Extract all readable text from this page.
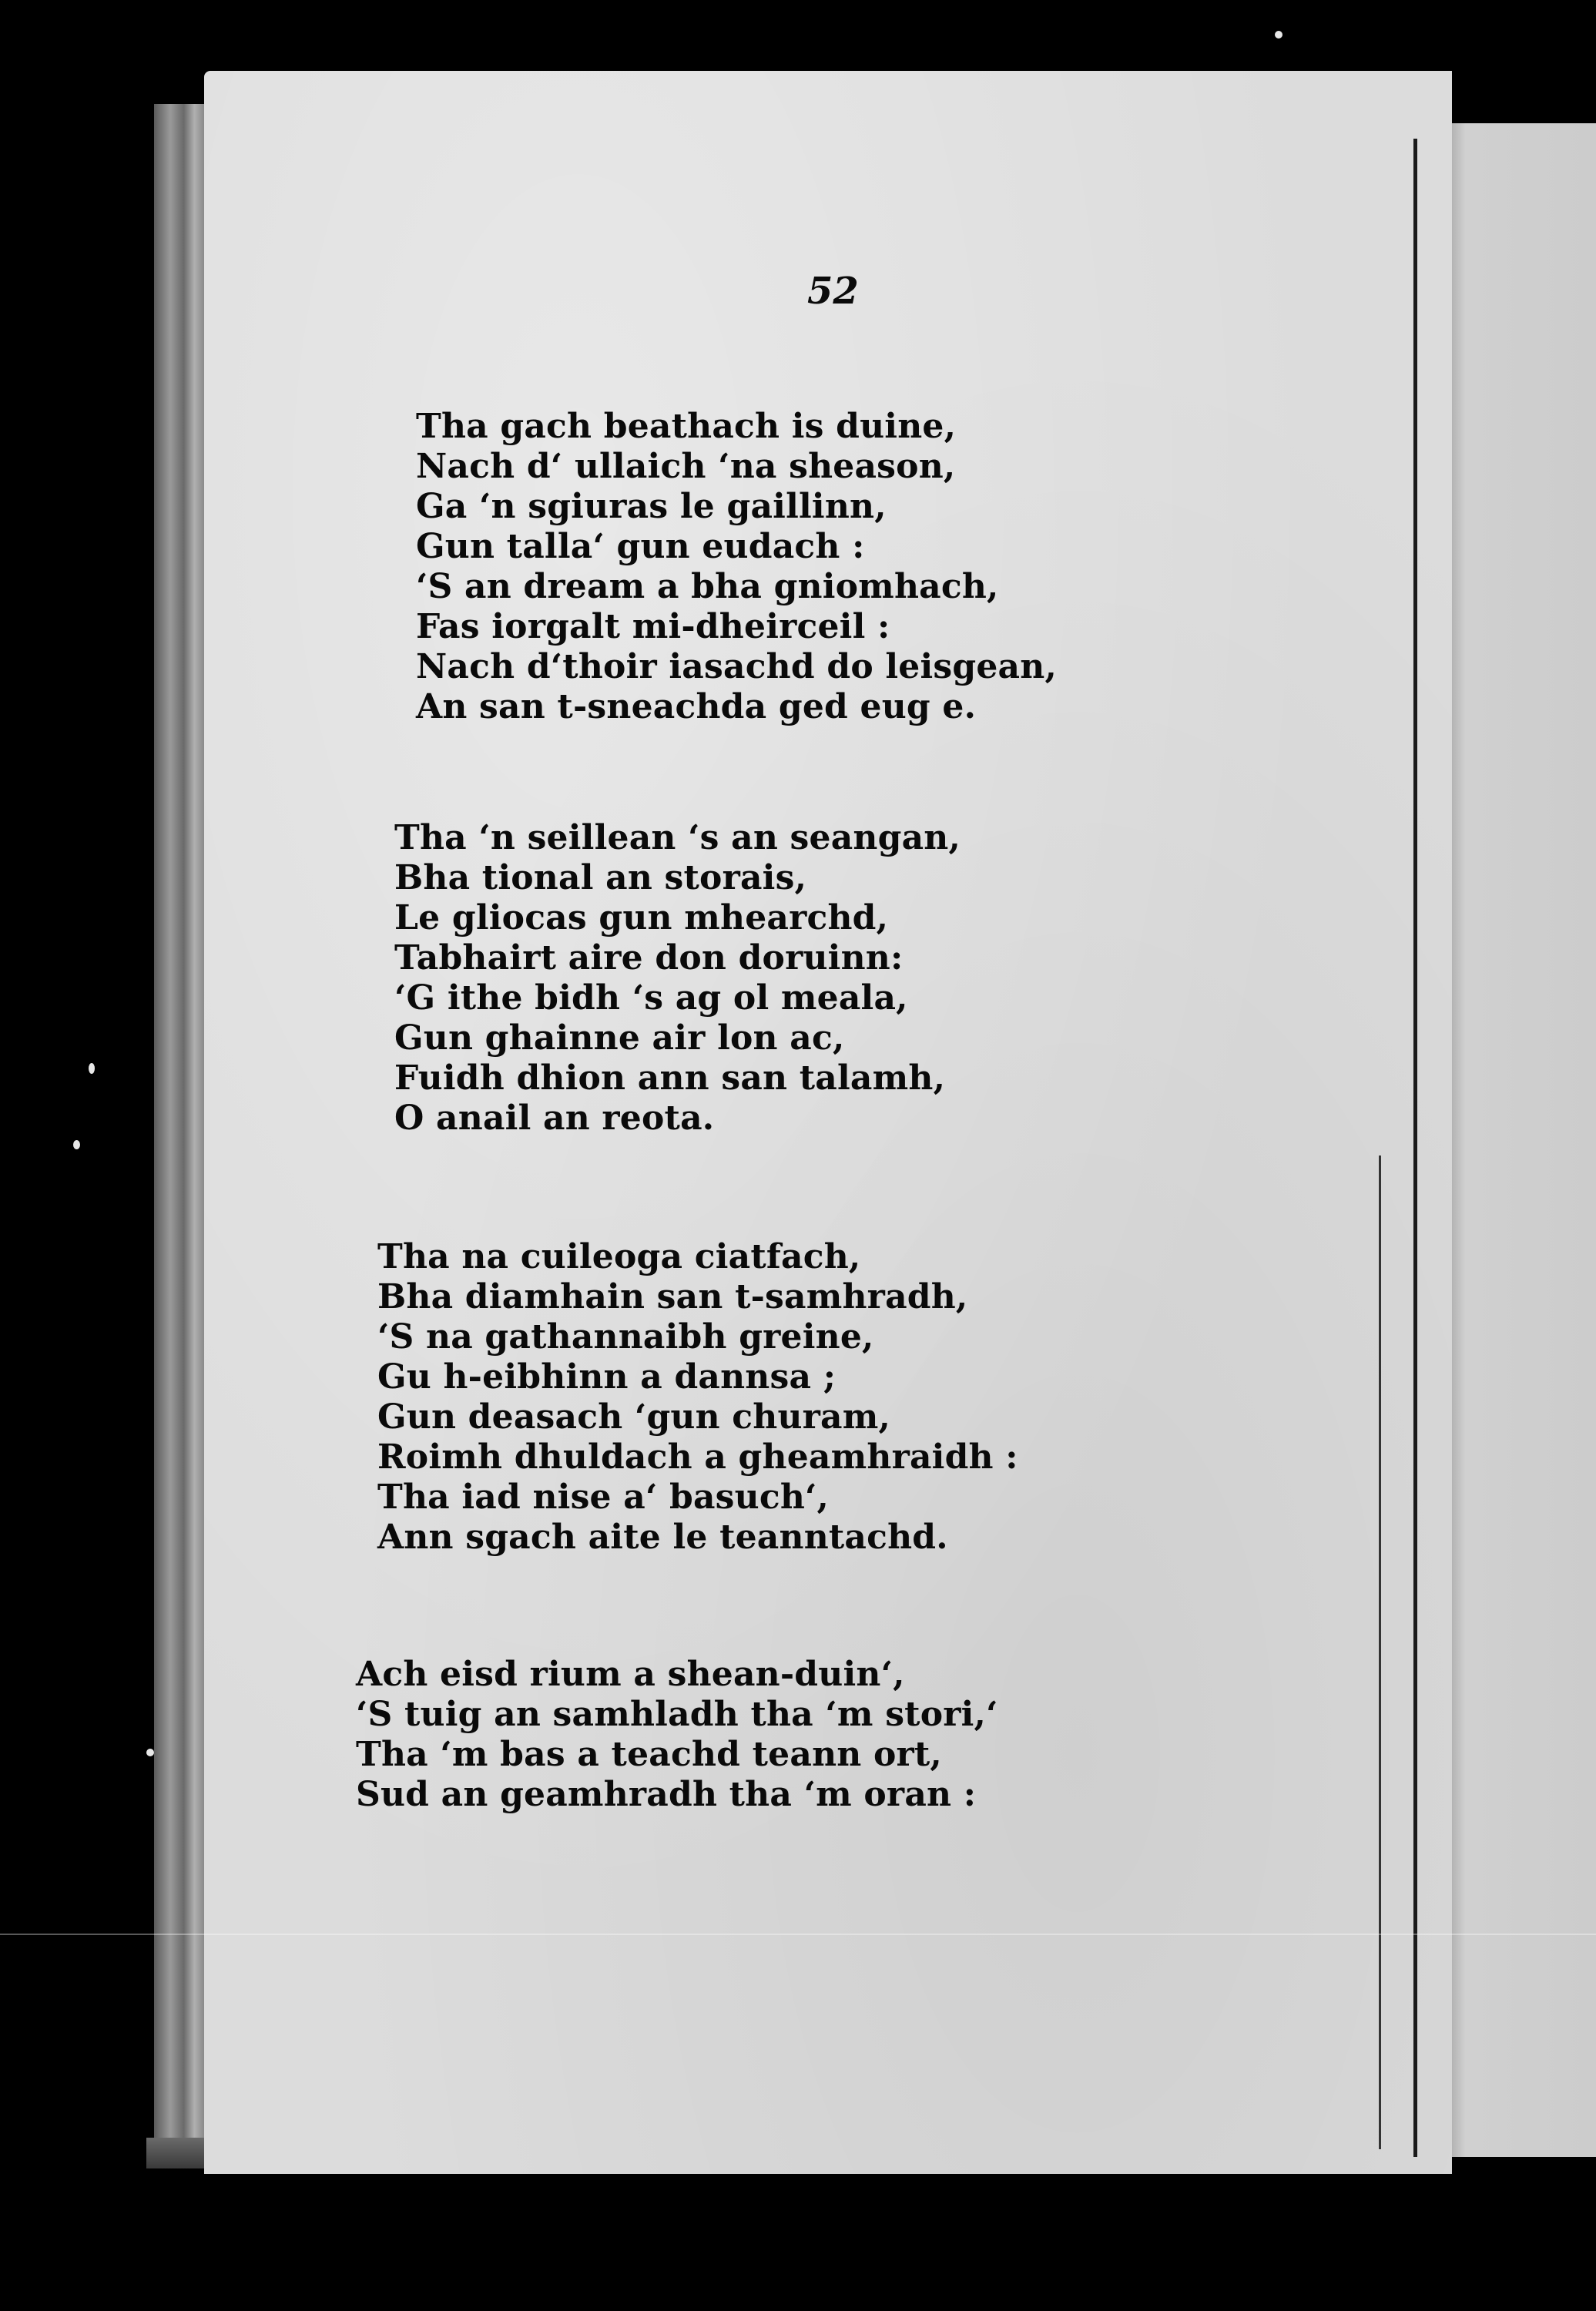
52

Tha gach beathach is duine,
Nach d‘ ullaich ‘na sheason,
Ga ‘n sgiuras le gaillinn,
Gun talla‘ gun eudach :
‘S an dream a bha gniomhach,
Fas iorgalt mi-dheirceil :
Nach d‘thoir iasachd do leisgean,
An san t-sneachda ged eug e.
Tha ‘n seillean ‘s an seangan,
Bha tional an storais,
Le gliocas gun mhearchd,
Tabhairt aire don doruinn:
‘G ithe bidh ‘s ag ol meala,
Gun ghainne air lon ac,
Fuidh dhion ann san talamh,
O anail an reota.
Tha na cuileoga ciatfach,
Bha diamhain san t-samhradh,
‘S na gathannaibh greine,
Gu h-eibhinn a dannsa ;
Gun deasach ‘gun churam,
Roimh dhuldach a gheamhraidh :
Tha iad nise a‘ basuch‘,
Ann sgach aite le teanntachd.
Ach eisd rium a shean-duin‘,
‘S tuig an samhladh tha ‘m stori,‘
Tha ‘m bas a teachd teann ort,
Sud an geamhradh tha ‘m oran :
